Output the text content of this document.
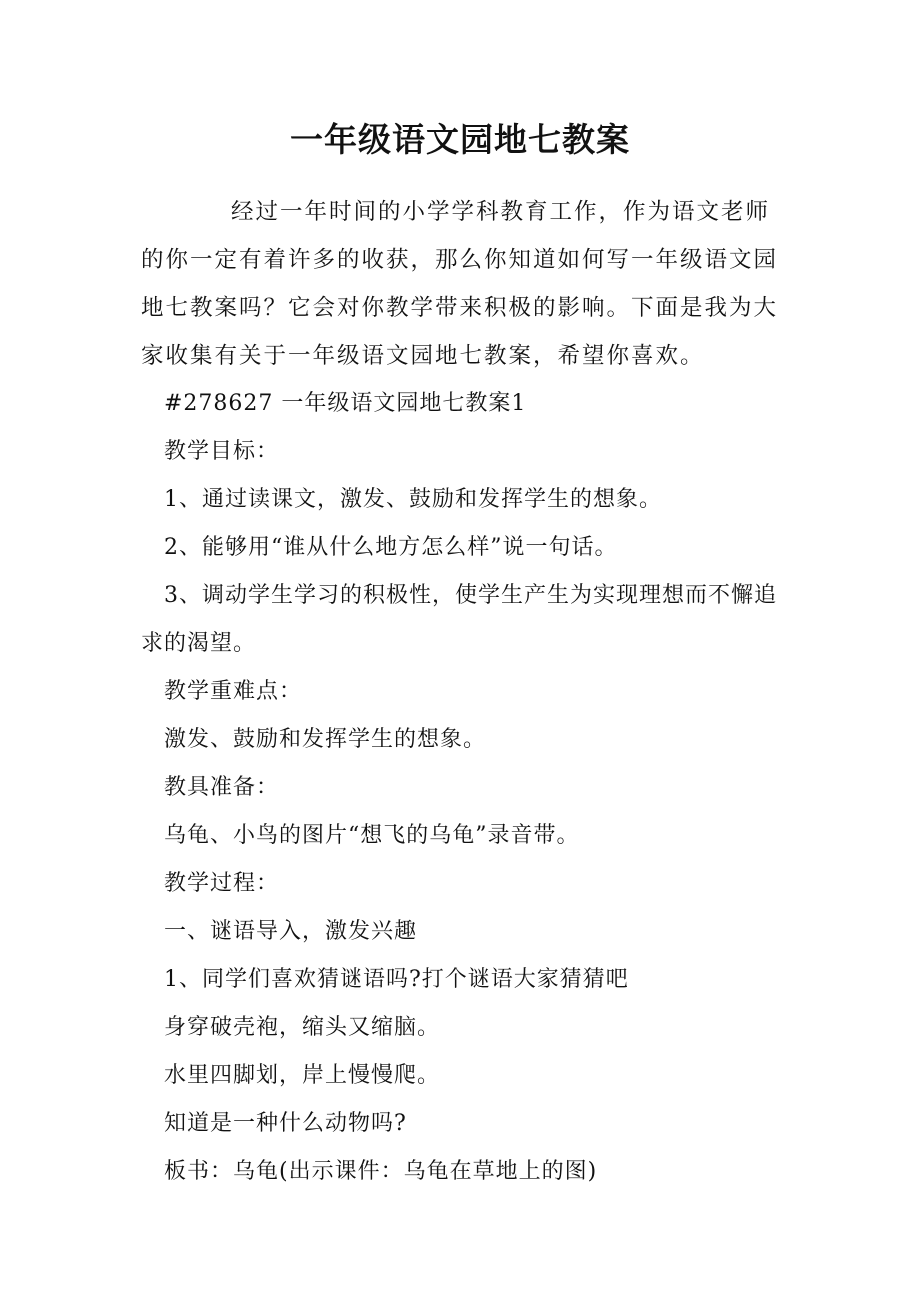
一年级语文园地七教案

经过一年时间的小学学科教育工作，作为语文老师的你一定有着许多的收获，那么你知道如何写一年级语文园地七教案吗？它会对你教学带来积极的影响。下面是我为大家收集有关于一年级语文园地七教案，希望你喜欢。

#278627 一年级语文园地七教案1

教学目标：

1、通过读课文，激发、鼓励和发挥学生的想象。

2、能够用“谁从什么地方怎么样”说一句话。

3、调动学生学习的积极性，使学生产生为实现理想而不懈追求的渴望。

教学重难点：

激发、鼓励和发挥学生的想象。

教具准备：

乌龟、小鸟的图片“想飞的乌龟”录音带。

教学过程：

一、谜语导入，激发兴趣

1、同学们喜欢猜谜语吗?打个谜语大家猜猜吧

身穿破壳袍，缩头又缩脑。

水里四脚划，岸上慢慢爬。

知道是一种什么动物吗?

板书：乌龟(出示课件：乌龟在草地上的图)
